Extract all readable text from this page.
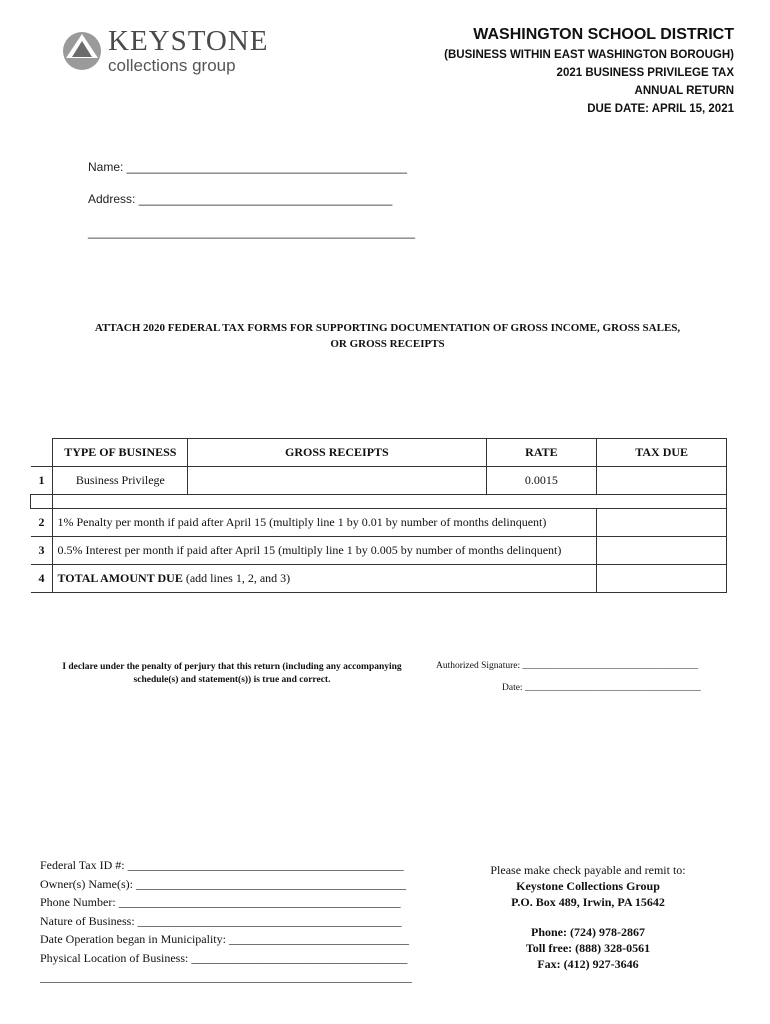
KEYSTONE
collections group
WASHINGTON SCHOOL DISTRICT
(BUSINESS WITHIN EAST WASHINGTON BOROUGH)
2021 BUSINESS PRIVILEGE TAX
ANNUAL RETURN
DUE DATE: APRIL 15, 2021
Name: __________________________________________
Address: ______________________________________
_________________________________________________
ATTACH 2020 FEDERAL TAX FORMS FOR SUPPORTING DOCUMENTATION OF GROSS INCOME, GROSS SALES,
OR GROSS RECEIPTS
	TYPE OF BUSINESS	GROSS RECEIPTS	RATE	TAX DUE
1	Business Privilege		0.0015	

2	1% Penalty per month if paid after April 15 (multiply line 1 by 0.01 by number of months delinquent)			
3	0.5% Interest per month if paid after April 15 (multiply line 1 by 0.005 by number of months delinquent)			
4	TOTAL AMOUNT DUE (add lines 1, 2, and 3)			
I declare under the penalty of perjury that this return (including any accompanying
schedule(s) and statement(s)) is true and correct.
Authorized Signature: _____________________________________
Date: _____________________________________
Federal Tax ID #: ______________________________________________
Owner(s) Name(s): _____________________________________________
Phone Number: _______________________________________________
Nature of Business: ____________________________________________
Date Operation began in Municipality: ______________________________
Physical Location of Business: ____________________________________
______________________________________________________________
Please make check payable and remit to:
Keystone Collections Group
P.O. Box 489, Irwin, PA 15642
Phone: (724) 978-2867
Toll free: (888) 328-0561
Fax: (412) 927-3646
